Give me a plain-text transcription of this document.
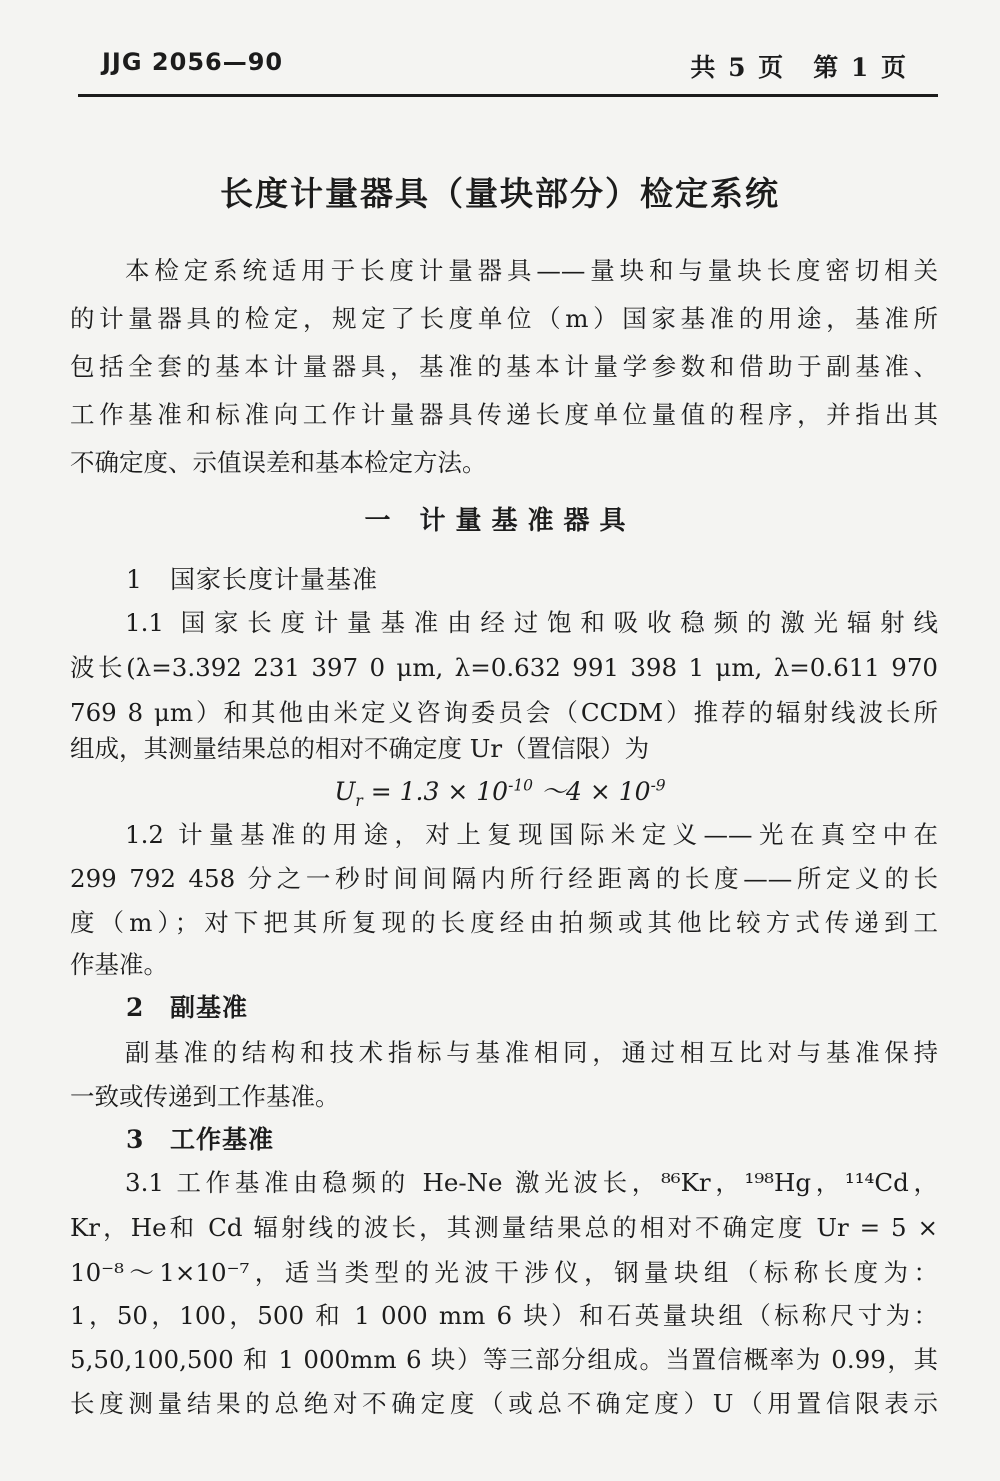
JJG 2056—90	共 5 页 第 1 页
长度计量器具（量块部分）检定系统
本检定系统适用于长度计量器具——量块和与量块长度密切相关
的计量器具的检定，规定了长度单位（m）国家基准的用途，基准所
包括全套的基本计量器具，基准的基本计量学参数和借助于副基准、
工作基准和标准向工作计量器具传递长度单位量值的程序，并指出其
不确定度、示值误差和基本检定方法。
一 计量基准器具
1 国家长度计量基准
1.1 国家长度计量基准由经过饱和吸收稳频的激光辐射线
波长(λ=3.392 231 397 0 μm, λ=0.632 991 398 1 μm, λ=0.611 970
769 8 μm）和其他由米定义咨询委员会（CCDM）推荐的辐射线波长所
组成，其测量结果总的相对不确定度 Ur（置信限）为
$U_r = 1.3 \times 10^{-10}$ ～4 × $10^{-9}$
1.2 计量基准的用途，对上复现国际米定义——光在真空中在
299 792 458 分之一秒时间间隔内所行经距离的长度——所定义的长
度（m）；对下把其所复现的长度经由拍频或其他比较方式传递到工
作基准。
2 副基准
副基准的结构和技术指标与基准相同，通过相互比对与基准保持
一致或传递到工作基准。
3 工作基准
3.1 工作基准由稳频的 He-Ne 激光波长，⁸⁶Kr，¹⁹⁸Hg，¹¹⁴Cd，
Kr，He和 Cd 辐射线的波长，其测量结果总的相对不确定度 Ur = 5 ×
10⁻⁸～1×10⁻⁷，适当类型的光波干涉仪，钢量块组（标称长度为：
1，50，100，500 和 1 000 mm 6 块）和石英量块组（标称尺寸为：
5,50,100,500 和 1 000mm 6 块）等三部分组成。当置信概率为 0.99，其
长度测量结果的总绝对不确定度（或总不确定度）U（用置信限表示
